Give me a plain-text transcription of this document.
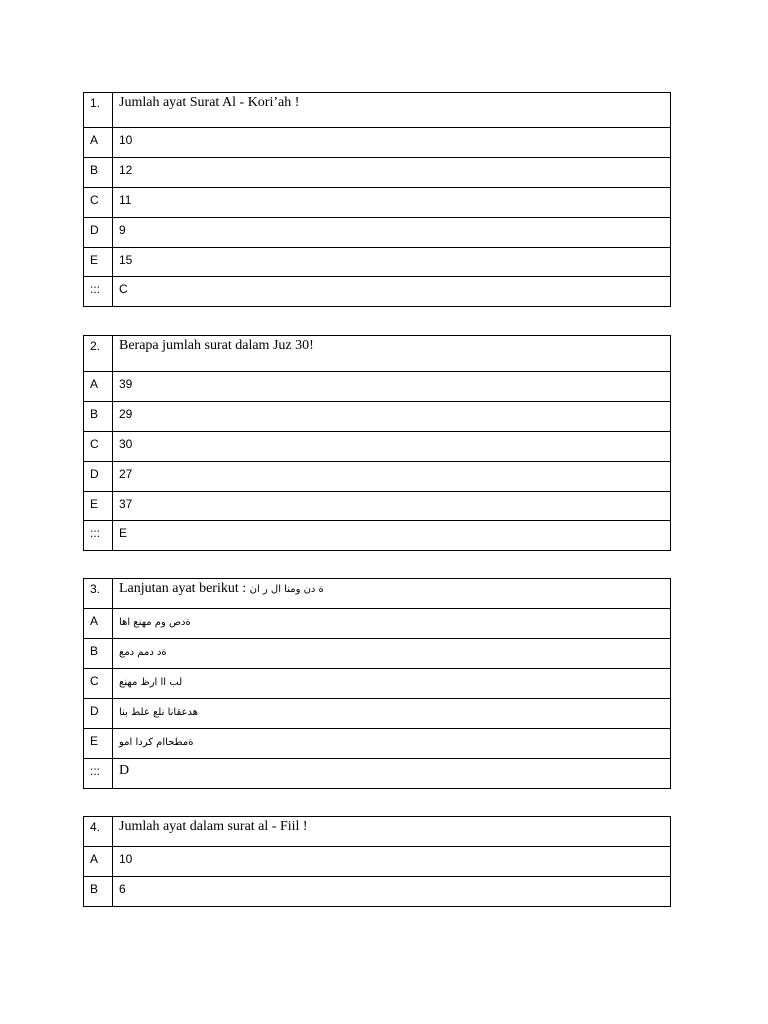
1.	Jumlah ayat Surat Al - Kori’ah !
A	10
B	12
C	11
D	9
E	15
:::	C
2.	Berapa jumlah surat dalam Juz 30!
A	39
B	29
C	30
D	27
E	37
:::	E
3.	Lanjutan ayat berikut : ة دن ومنا ال ر ان
A	ةدص وم مهنع اها
B	ةد دمم دمع
C	لب اا ارظ مهنع
D	هدعقانا نلع علط بنا
E	ةمطحاام كردا امو
:::	D
4.	Jumlah ayat dalam surat al - Fiil !
A	10
B	6
